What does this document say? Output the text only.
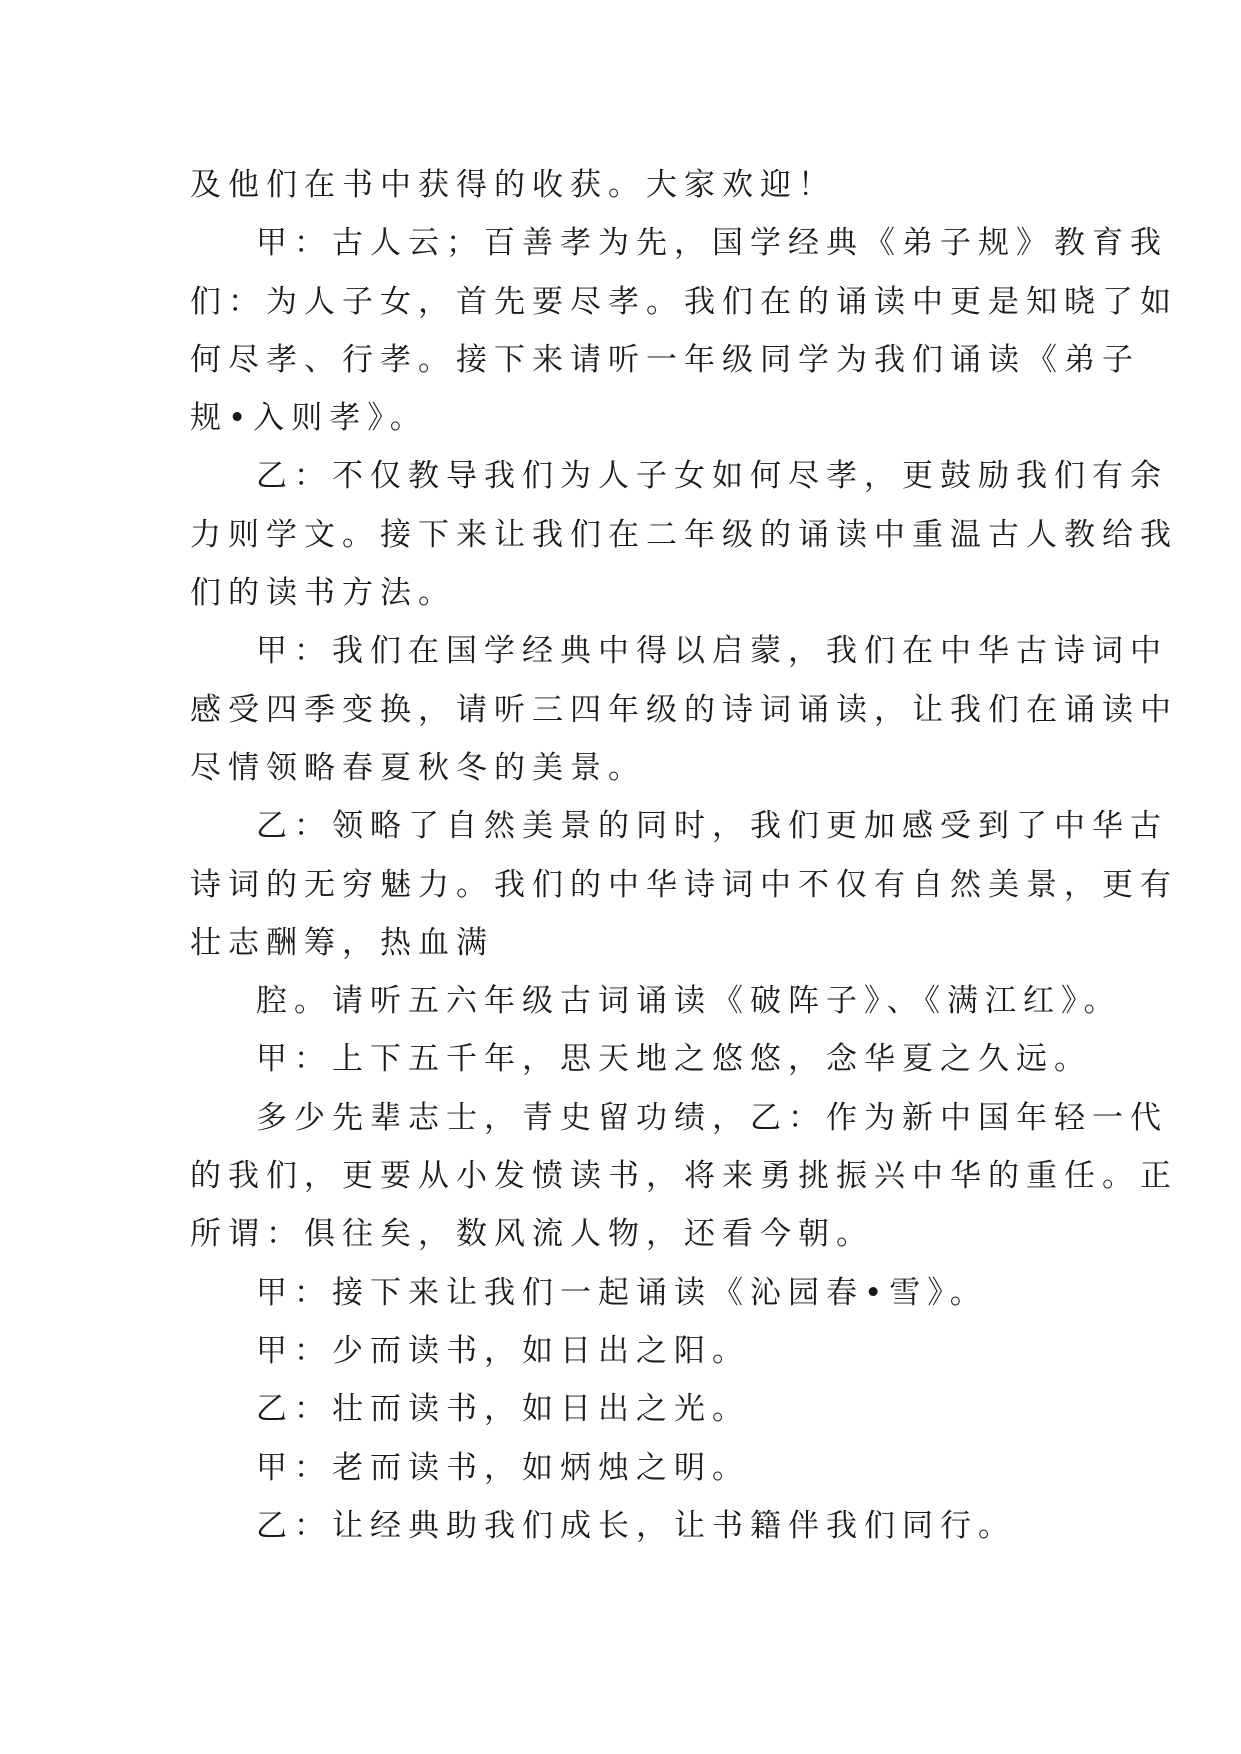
及他们在书中获得的收获。大家欢迎！
甲：古人云；百善孝为先，国学经典《弟子规》教育我
们：为人子女，首先要尽孝。我们在的诵读中更是知晓了如
何尽孝、行孝。接下来请听一年级同学为我们诵读《弟子
规•入则孝》。
乙：不仅教导我们为人子女如何尽孝，更鼓励我们有余
力则学文。接下来让我们在二年级的诵读中重温古人教给我
们的读书方法。
甲：我们在国学经典中得以启蒙，我们在中华古诗词中
感受四季变换，请听三四年级的诗词诵读，让我们在诵读中
尽情领略春夏秋冬的美景。
乙：领略了自然美景的同时，我们更加感受到了中华古
诗词的无穷魅力。我们的中华诗词中不仅有自然美景，更有
壮志酬筹，热血满
腔。请听五六年级古词诵读《破阵子》、《满江红》。
甲：上下五千年，思天地之悠悠，念华夏之久远。
多少先辈志士，青史留功绩，乙：作为新中国年轻一代
的我们，更要从小发愤读书，将来勇挑振兴中华的重任。正
所谓：俱往矣，数风流人物，还看今朝。
甲：接下来让我们一起诵读《沁园春•雪》。
甲：少而读书，如日出之阳。
乙：壮而读书，如日出之光。
甲：老而读书，如炳烛之明。
乙：让经典助我们成长，让书籍伴我们同行。
